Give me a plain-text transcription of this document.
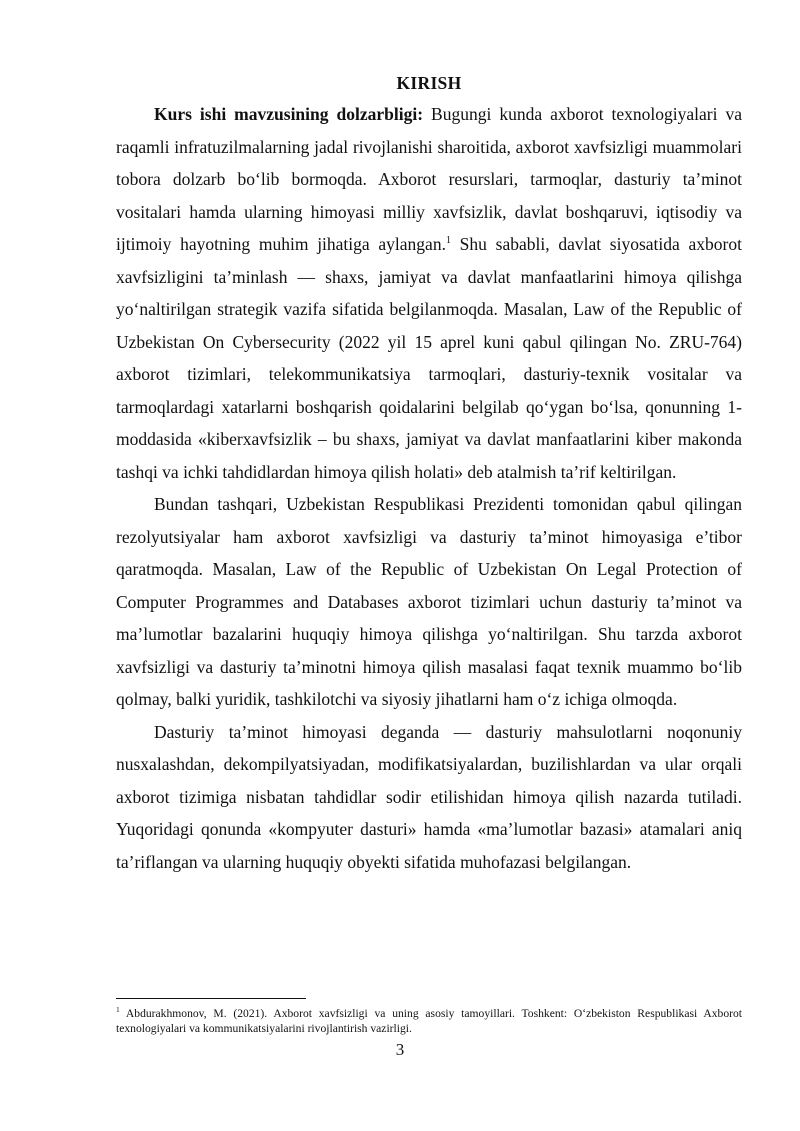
KIRISH

Kurs ishi mavzusining dolzarbligi: Bugungi kunda axborot texnologiyalari va raqamli infratuzilmalarning jadal rivojlanishi sharoitida, axborot xavfsizligi muammolari tobora dolzarb bo‘lib bormoqda. Axborot resurslari, tarmoqlar, dasturiy ta’minot vositalari hamda ularning himoyasi milliy xavfsizlik, davlat boshqaruvi, iqtisodiy va ijtimoiy hayotning muhim jihatiga aylangan.$^1$ Shu sababli, davlat siyosatida axborot xavfsizligini ta’minlash — shaxs, jamiyat va davlat manfaatlarini himoya qilishga yo‘naltirilgan strategik vazifa sifatida belgilanmoqda. Masalan, Law of the Republic of Uzbekistan On Cybersecurity (2022 yil 15 aprel kuni qabul qilingan No. ZRU-764) axborot tizimlari, telekommunikatsiya tarmoqlari, dasturiy-texnik vositalar va tarmoqlardagi xatarlarni boshqarish qoidalarini belgilab qo‘ygan bo‘lsa, qonunning 1-moddasida «kiberxavfsizlik – bu shaxs, jamiyat va davlat manfaatlarini kiber makonda tashqi va ichki tahdidlardan himoya qilish holati» deb atalmish ta’rif keltirilgan.

Bundan tashqari, Uzbekistan Respublikasi Prezidenti tomonidan qabul qilingan rezolyutsiyalar ham axborot xavfsizligi va dasturiy ta’minot himoyasiga e’tibor qaratmoqda. Masalan, Law of the Republic of Uzbekistan On Legal Protection of Computer Programmes and Databases axborot tizimlari uchun dasturiy ta’minot va ma’lumotlar bazalarini huquqiy himoya qilishga yo‘naltirilgan. Shu tarzda axborot xavfsizligi va dasturiy ta’minotni himoya qilish masalasi faqat texnik muammo bo‘lib qolmay, balki yuridik, tashkilotchi va siyosiy jihatlarni ham o‘z ichiga olmoqda.

Dasturiy ta’minot himoyasi deganda — dasturiy mahsulotlarni noqonuniy nusxalashdan, dekompilyatsiyadan, modifikatsiyalardan, buzilishlardan va ular orqali axborot tizimiga nisbatan tahdidlar sodir etilishidan himoya qilish nazarda tutiladi. Yuqoridagi qonunda «kompyuter dasturi» hamda «ma’lumotlar bazasi» atamalari aniq ta’riflangan va ularning huquqiy obyekti sifatida muhofazasi belgilangan.

$^1$ Abdurakhmonov, M. (2021). Axborot xavfsizligi va uning asosiy tamoyillari. Toshkent: O‘zbekiston Respublikasi Axborot texnologiyalari va kommunikatsiyalarini rivojlantirish vazirligi.

3
